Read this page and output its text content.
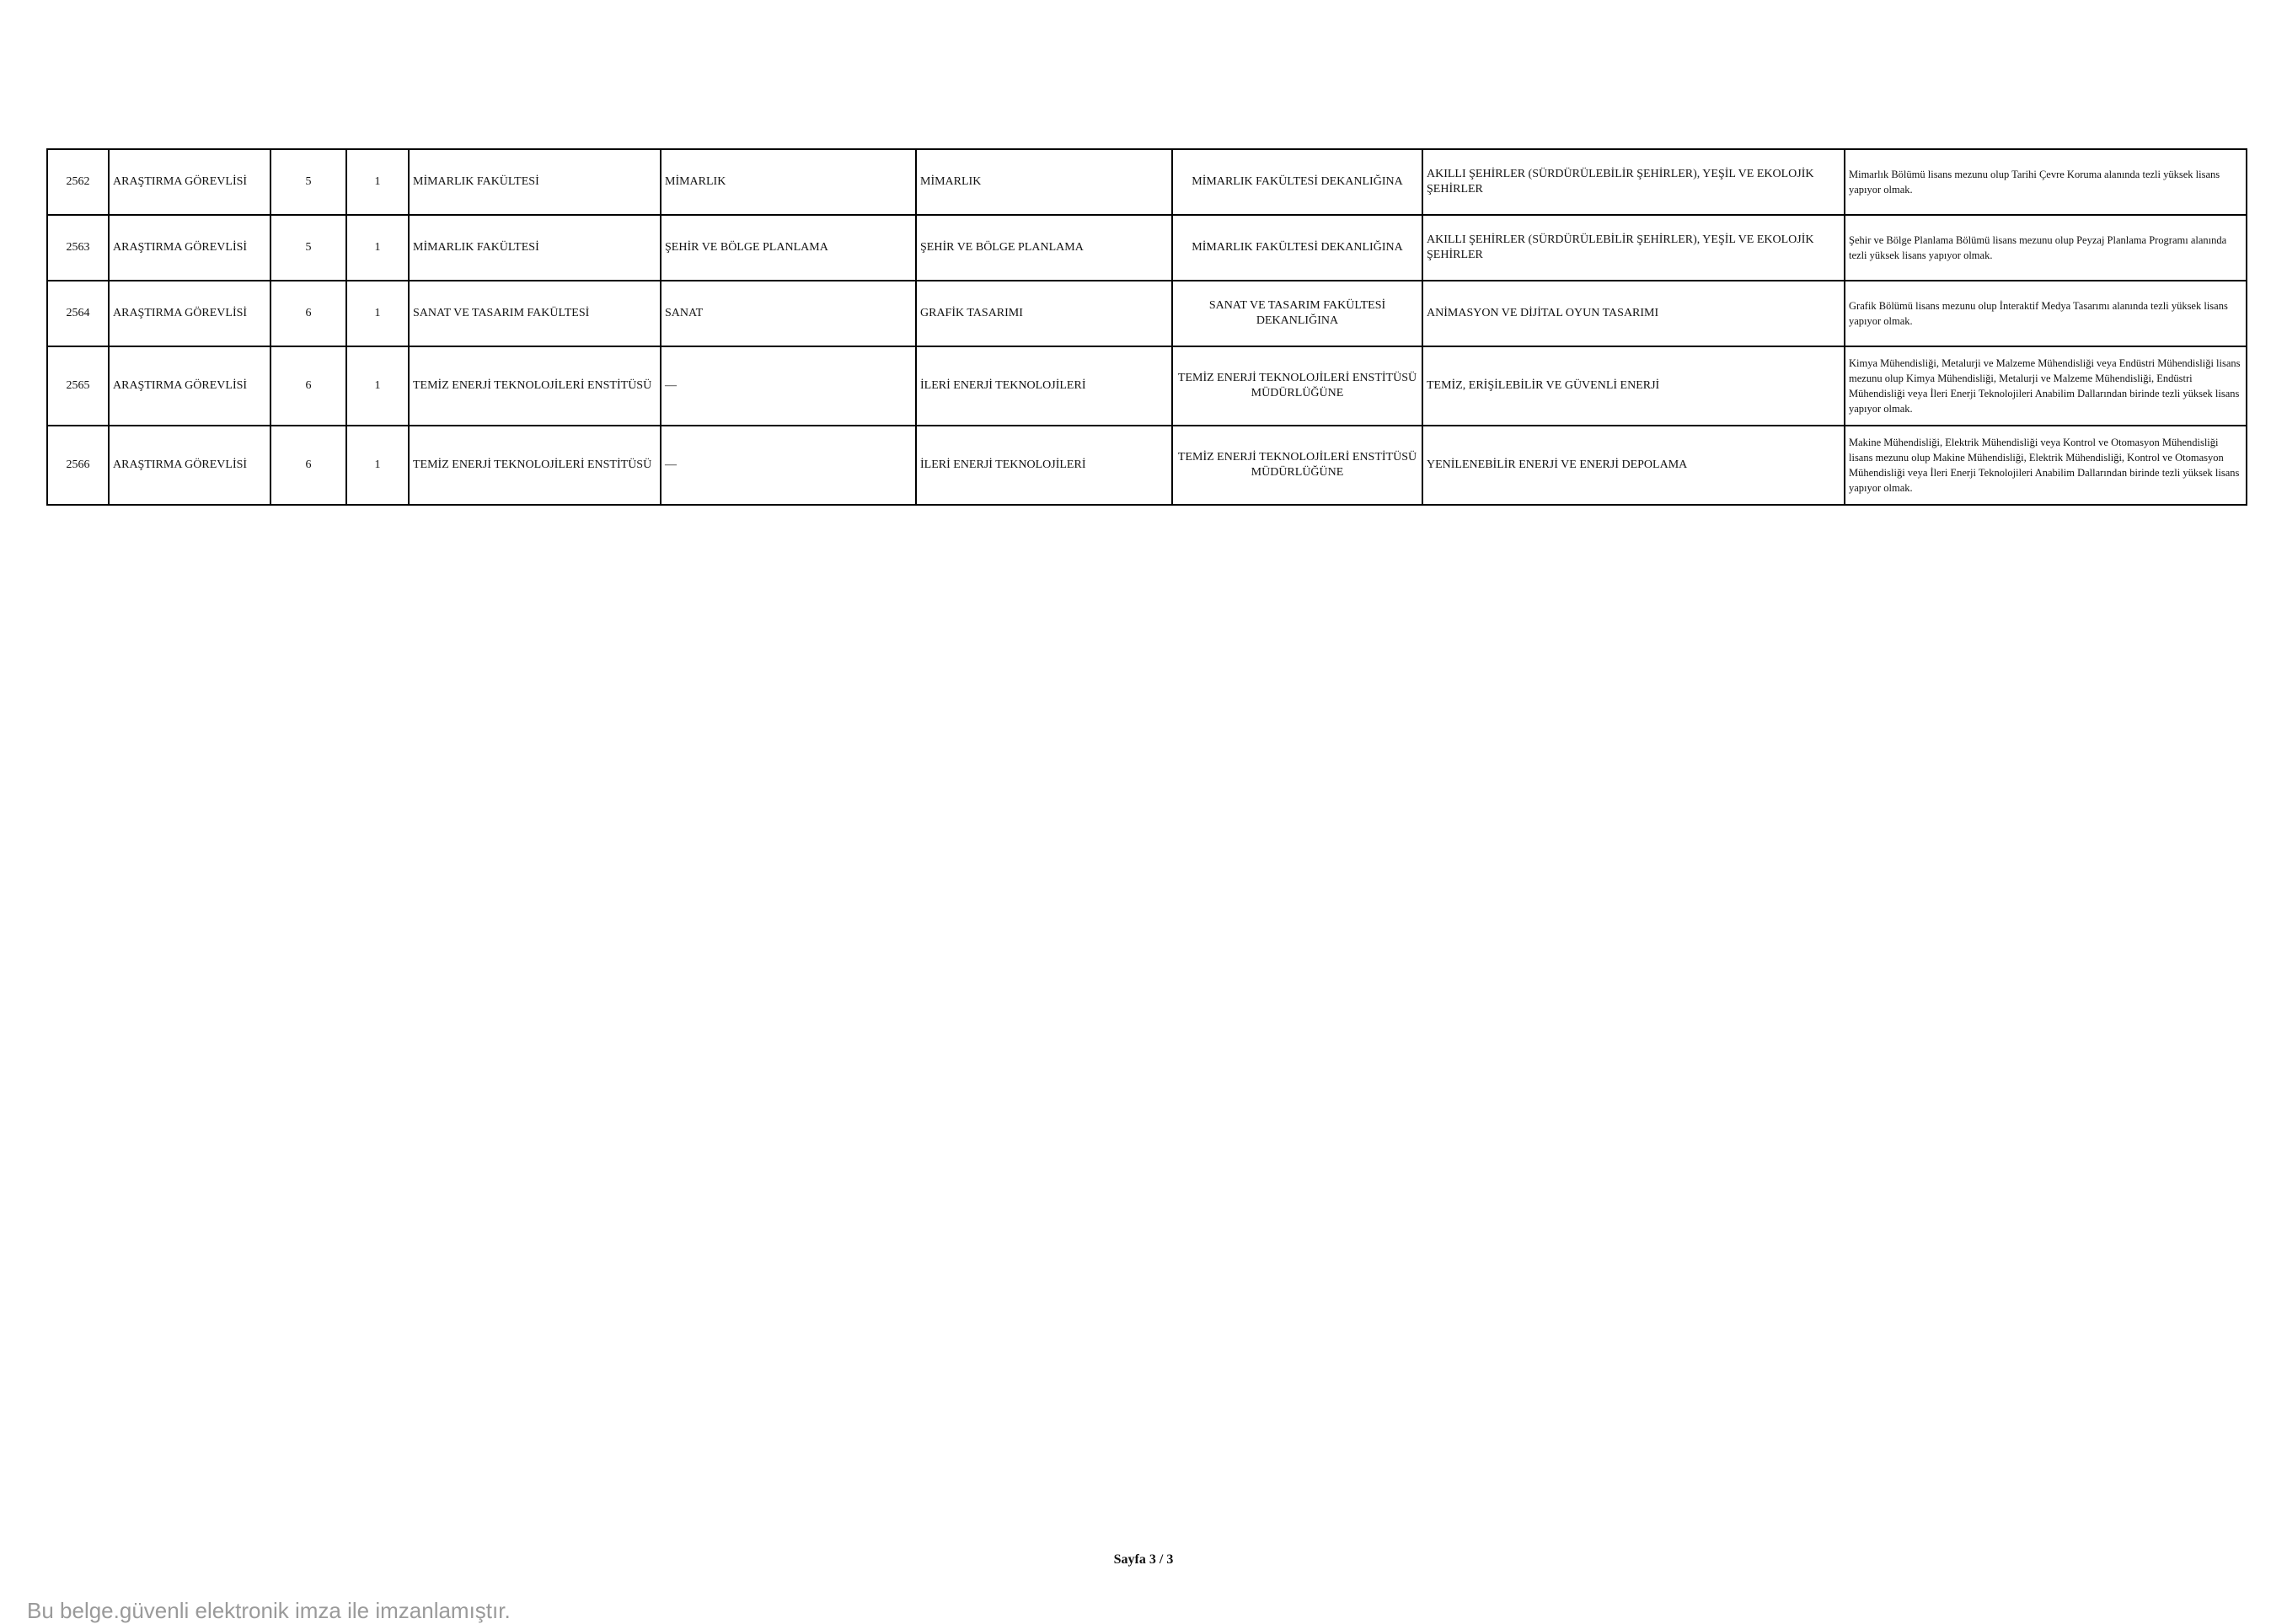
2562	ARAŞTIRMA GÖREVLİSİ	5	1	MİMARLIK FAKÜLTESİ	MİMARLIK	MİMARLIK	MİMARLIK FAKÜLTESİ DEKANLIĞINA	AKILLI ŞEHİRLER (SÜRDÜRÜLEBİLİR ŞEHİRLER), YEŞİL VE EKOLOJİK ŞEHİRLER	Mimarlık Bölümü lisans mezunu olup Tarihi Çevre Koruma alanında tezli yüksek lisans yapıyor olmak.
2563	ARAŞTIRMA GÖREVLİSİ	5	1	MİMARLIK FAKÜLTESİ	ŞEHİR VE BÖLGE PLANLAMA	ŞEHİR VE BÖLGE PLANLAMA	MİMARLIK FAKÜLTESİ DEKANLIĞINA	AKILLI ŞEHİRLER (SÜRDÜRÜLEBİLİR ŞEHİRLER), YEŞİL VE EKOLOJİK ŞEHİRLER	Şehir ve Bölge Planlama Bölümü lisans mezunu olup Peyzaj Planlama Programı alanında tezli yüksek lisans yapıyor olmak.
2564	ARAŞTIRMA GÖREVLİSİ	6	1	SANAT VE TASARIM FAKÜLTESİ	SANAT	GRAFİK TASARIMI	SANAT VE TASARIM FAKÜLTESİ DEKANLIĞINA	ANİMASYON VE DİJİTAL OYUN TASARIMI	Grafik Bölümü lisans mezunu olup İnteraktif Medya Tasarımı alanında tezli yüksek lisans yapıyor olmak.
2565	ARAŞTIRMA GÖREVLİSİ	6	1	TEMİZ ENERJİ TEKNOLOJİLERİ ENSTİTÜSÜ	—	İLERİ ENERJİ TEKNOLOJİLERİ	TEMİZ ENERJİ TEKNOLOJİLERİ ENSTİTÜSÜ MÜDÜRLÜĞÜNE	TEMİZ, ERİŞİLEBİLİR VE GÜVENLİ ENERJİ	Kimya Mühendisliği, Metalurji ve Malzeme Mühendisliği veya Endüstri Mühendisliği lisans mezunu olup Kimya Mühendisliği, Metalurji ve Malzeme Mühendisliği, Endüstri Mühendisliği veya İleri Enerji Teknolojileri Anabilim Dallarından birinde tezli yüksek lisans yapıyor olmak.
2566	ARAŞTIRMA GÖREVLİSİ	6	1	TEMİZ ENERJİ TEKNOLOJİLERİ ENSTİTÜSÜ	—	İLERİ ENERJİ TEKNOLOJİLERİ	TEMİZ ENERJİ TEKNOLOJİLERİ ENSTİTÜSÜ MÜDÜRLÜĞÜNE	YENİLENEBİLİR ENERJİ VE ENERJİ DEPOLAMA	Makine Mühendisliği, Elektrik Mühendisliği veya Kontrol ve Otomasyon Mühendisliği lisans mezunu olup Makine Mühendisliği, Elektrik Mühendisliği, Kontrol ve Otomasyon Mühendisliği veya İleri Enerji Teknolojileri Anabilim Dallarından birinde tezli yüksek lisans yapıyor olmak.
Sayfa 3 / 3
Bu belge.güvenli elektronik imza ile imzanlamıştır.
